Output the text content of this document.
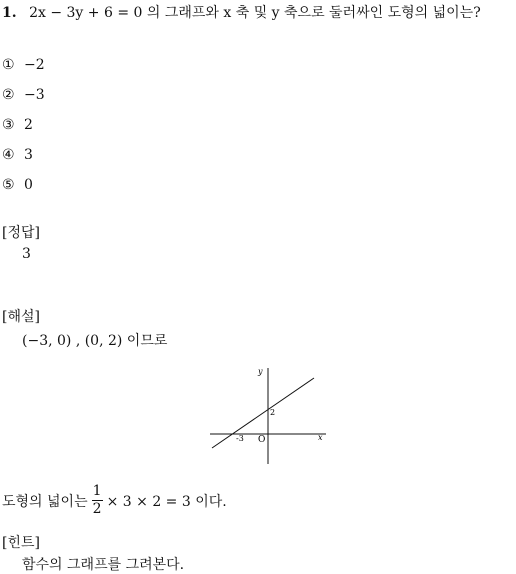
1. 2x − 3y + 6 = 0 의 그래프와 x 축 및 y 축으로 둘러싸인 도형의 넓이는?
① −2
② −3
③ 2
④ 3
⑤ 0
[정답]
3
[해설]
(−3, 0) , (0, 2) 이므로
y
x
2
-3 O
도형의 넓이는 $\frac{1}{2} \times 3 \times 2 = 3$ 이다.
[힌트]
함수의 그래프를 그려본다.
